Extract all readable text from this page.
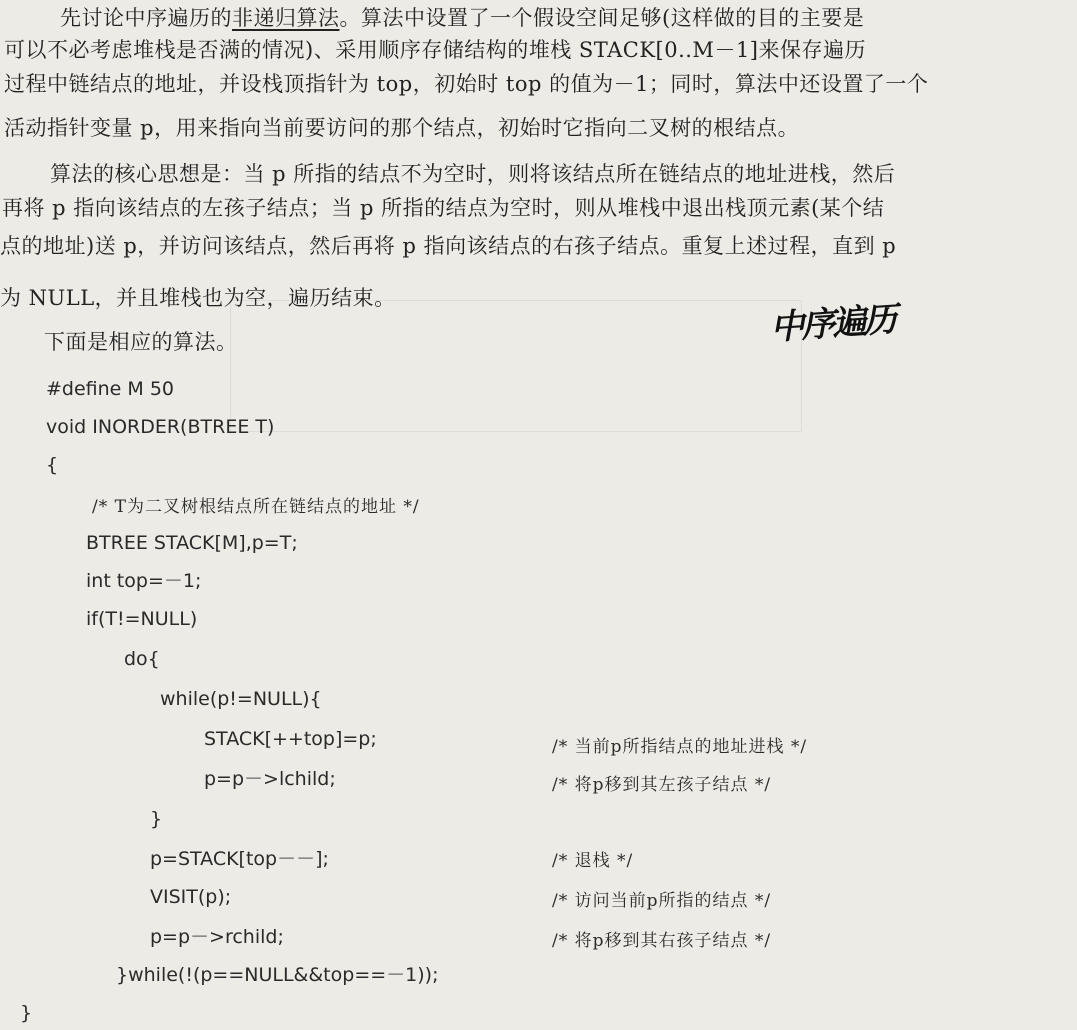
先讨论中序遍历的非递归算法。算法中设置了一个假设空间足够(这样做的目的主要是
可以不必考虑堆栈是否满的情况)、采用顺序存储结构的堆栈 STACK[0..M－1]来保存遍历
过程中链结点的地址，并设栈顶指针为 top，初始时 top 的值为－1；同时，算法中还设置了一个
活动指针变量 p，用来指向当前要访问的那个结点，初始时它指向二叉树的根结点。
算法的核心思想是：当 p 所指的结点不为空时，则将该结点所在链结点的地址进栈，然后
再将 p 指向该结点的左孩子结点；当 p 所指的结点为空时，则从堆栈中退出栈顶元素(某个结
点的地址)送 p，并访问该结点，然后再将 p 指向该结点的右孩子结点。重复上述过程，直到 p
为 NULL，并且堆栈也为空，遍历结束。
下面是相应的算法。	中序遍历
#define M 50
void INORDER(BTREE T)
{
/* T为二叉树根结点所在链结点的地址 */
BTREE STACK[M],p=T;
int top=－1;
if(T!=NULL)
do{
while(p!=NULL){
STACK[++top]=p;
p=p－>lchild;
}
p=STACK[top－－];
VISIT(p);
p=p－>rchild;
}while(!(p==NULL&&top==－1));
}
/* 当前p所指结点的地址进栈 */
/* 将p移到其左孩子结点 */
/* 退栈 */
/* 访问当前p所指的结点 */
/* 将p移到其右孩子结点 */
